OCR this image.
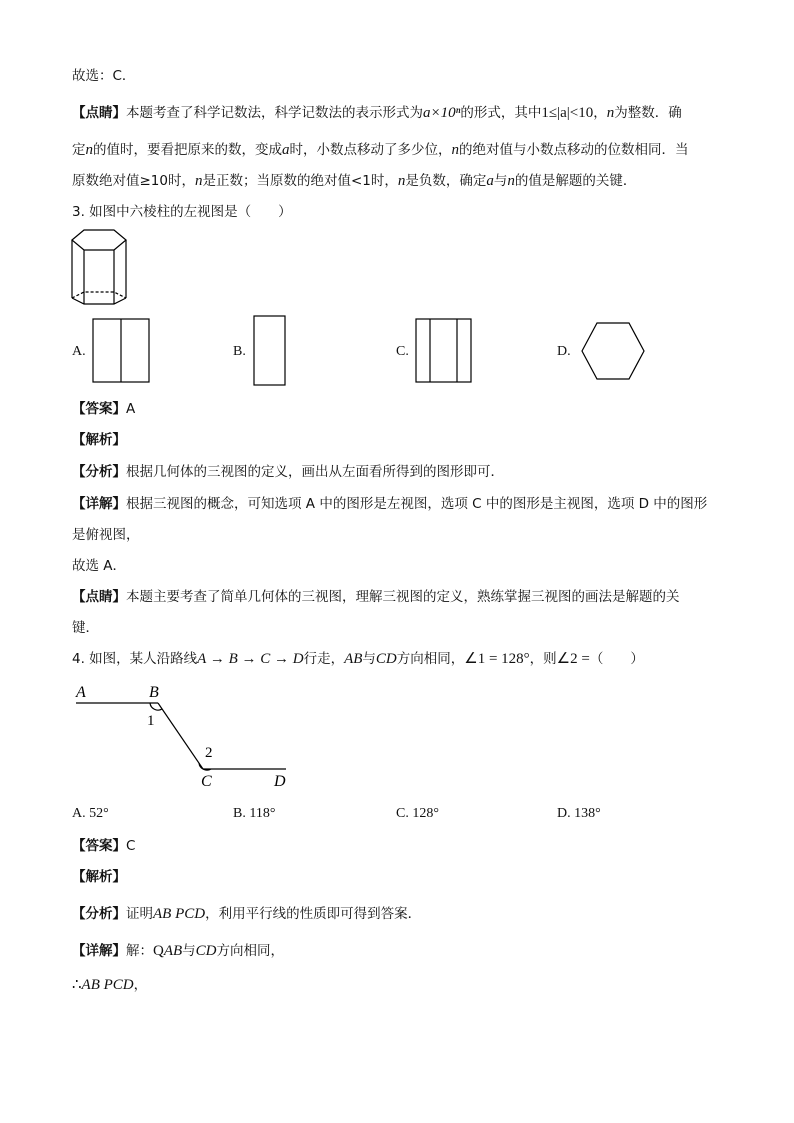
故选：C．
【点睛】本题考查了科学记数法，科学记数法的表示形式为a×10ⁿ的形式，其中1≤|a|<10，n为整数．确
定n的值时，要看把原来的数，变成a时，小数点移动了多少位，n的绝对值与小数点移动的位数相同．当
原数绝对值≥10时，n是正数；当原数的绝对值<1时，n是负数，确定a与n的值是解题的关键．
3. 如图中六棱柱的左视图是（　　）
A.	B.	C.	D.
【答案】A
【解析】
【分析】根据几何体的三视图的定义，画出从左面看所得到的图形即可．
【详解】根据三视图的概念，可知选项 A 中的图形是左视图，选项 C 中的图形是主视图，选项 D 中的图形
是俯视图，
故选 A．
【点睛】本题主要考查了简单几何体的三视图，理解三视图的定义，熟练掌握三视图的画法是解题的关
键．
4. 如图，某人沿路线A → B → C → D行走，AB与CD方向相同，∠1 = 128°，则∠2 =（　　）
A	B
C	D
1
2
A. 52°	B. 118°	C. 128°	D. 138°
【答案】C
【解析】
【分析】证明AB PCD，利用平行线的性质即可得到答案．
【详解】解：QAB与CD方向相同，
∴AB PCD，
